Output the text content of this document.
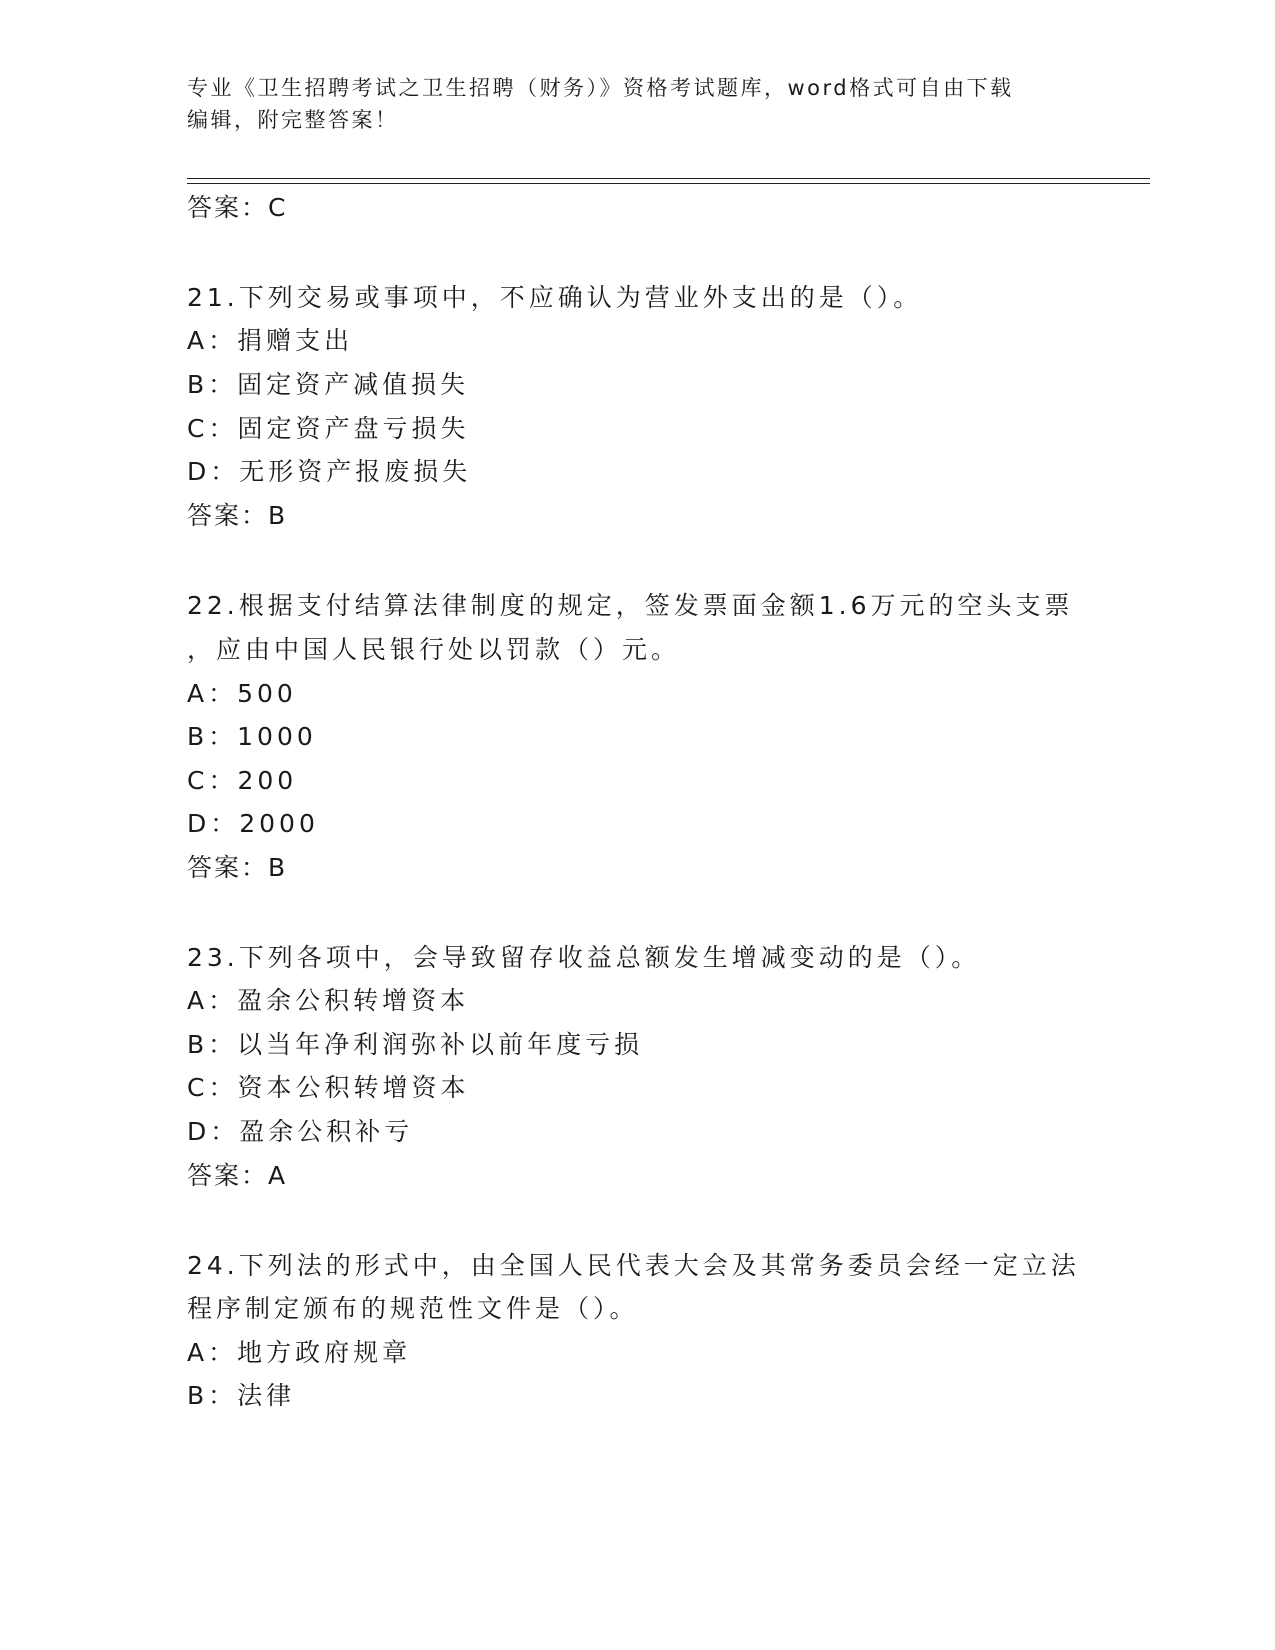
专业《卫生招聘考试之卫生招聘（财务）》资格考试题库，word格式可自由下载
编辑，附完整答案！
答案：C
21.下列交易或事项中，不应确认为营业外支出的是（）。
A：捐赠支出
B：固定资产减值损失
C：固定资产盘亏损失
D：无形资产报废损失
答案：B
22.根据支付结算法律制度的规定，签发票面金额1.6万元的空头支票
，应由中国人民银行处以罚款（）元。
A：500
B：1000
C：200
D：2000
答案：B
23.下列各项中，会导致留存收益总额发生增减变动的是（）。
A：盈余公积转增资本
B：以当年净利润弥补以前年度亏损
C：资本公积转增资本
D：盈余公积补亏
答案：A
24.下列法的形式中，由全国人民代表大会及其常务委员会经一定立法
程序制定颁布的规范性文件是（）。
A：地方政府规章
B：法律
